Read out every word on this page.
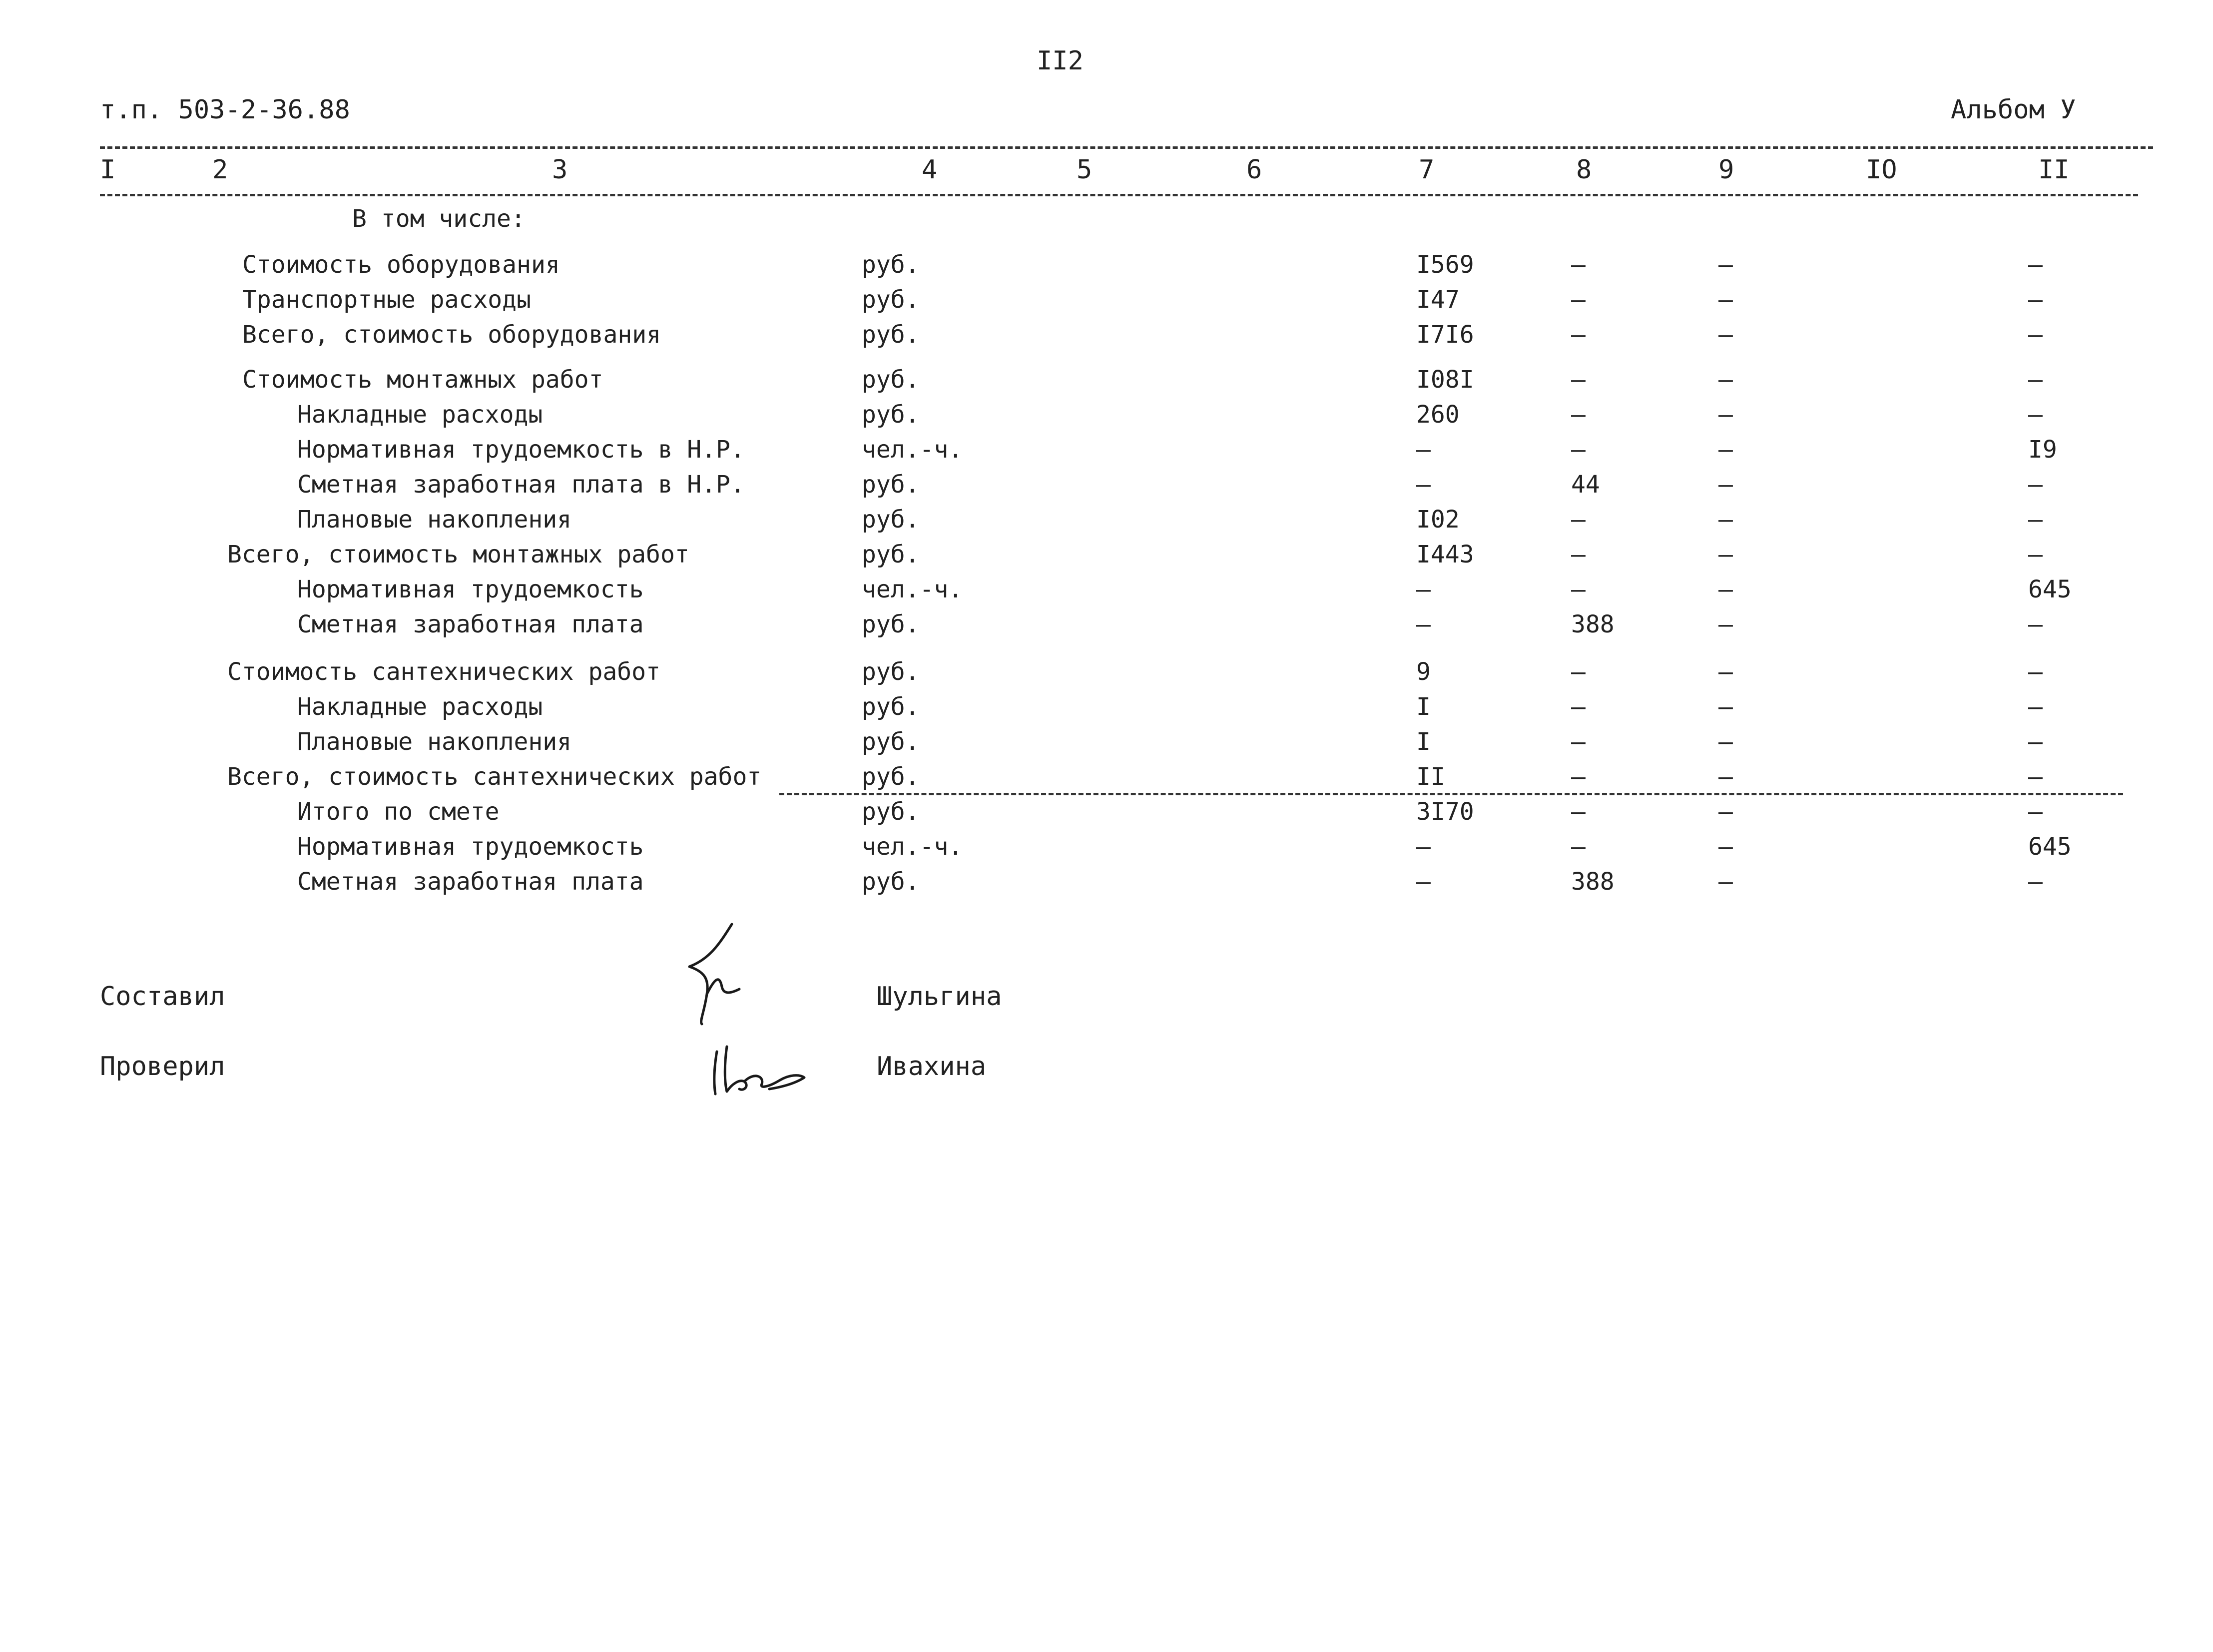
II2
т.п. 503-2-36.88	Альбом У
I	2	3	4	5	6	7	8	9	IO	II
В том числе:
Стоимость оборудования	руб.	I569	–	–	–
Транспортные расходы	руб.	I47	–	–	–
Всего, стоимость оборудования	руб.	I7I6	–	–	–
Стоимость монтажных работ	руб.	I08I	–	–	–
Накладные расходы	руб.	260	–	–	–
Нормативная трудоемкость в Н.Р.	чел.-ч.	–	–	–	I9
Сметная заработная плата в Н.Р.	руб.	–	44	–	–
Плановые накопления	руб.	I02	–	–	–
Всего, стоимость монтажных работ	руб.	I443	–	–	–
Нормативная трудоемкость	чел.-ч.	–	–	–	645
Сметная заработная плата	руб.	–	388	–	–
Стоимость сантехнических работ	руб.	9	–	–	–
Накладные расходы	руб.	I	–	–	–
Плановые накопления	руб.	I	–	–	–
Всего, стоимость сантехнических работ	руб.	II	–	–	–
Итого по смете	руб.	3I70	–	–	–
Нормативная трудоемкость	чел.-ч.	–	–	–	645
Сметная заработная плата	руб.	–	388	–	–
Составил	Шульгина
Проверил	Ивахина
